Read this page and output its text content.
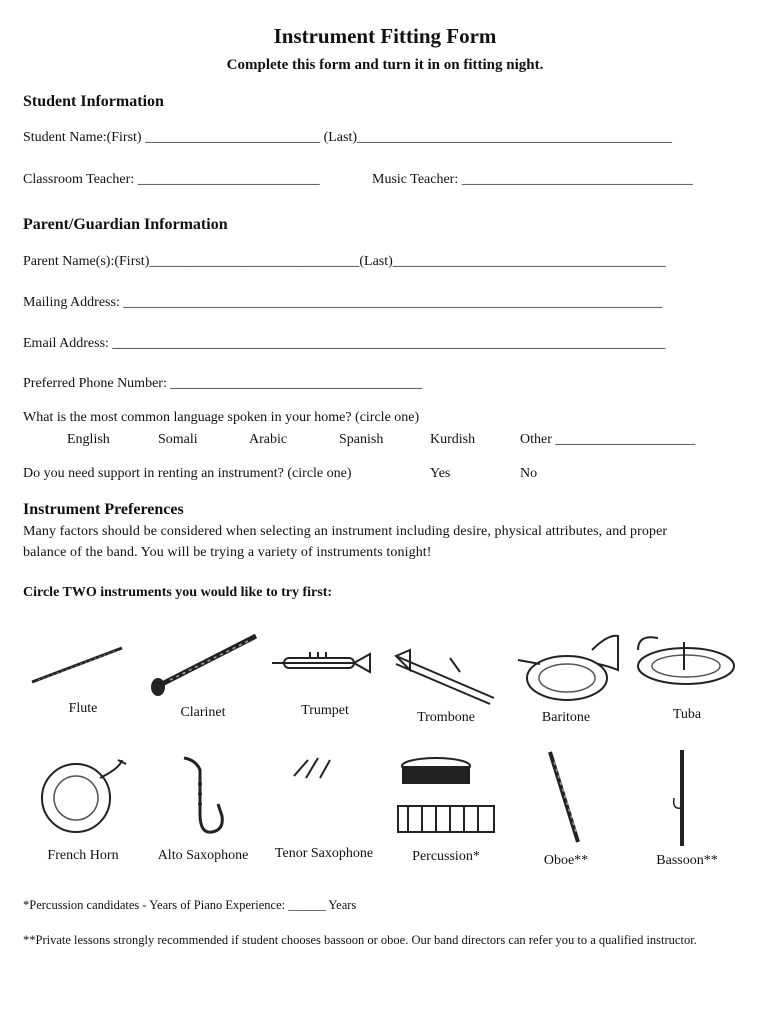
Instrument Fitting Form
Complete this form and turn it in on fitting night.
Student Information
Student Name:(First) _________________________ (Last)_____________________________________________
Classroom Teacher: __________________________	Music Teacher: _________________________________
Parent/Guardian Information
Parent Name(s):(First)______________________________(Last)_______________________________________
Mailing Address: _____________________________________________________________________________
Email Address: _______________________________________________________________________________
Preferred Phone Number: ____________________________________
What is the most common language spoken in your home? (circle one)
English	Somali	Arabic	Spanish	Kurdish	Other ____________________
Do you need support in renting an instrument? (circle one)	Yes	No
Instrument Preferences
Many factors should be considered when selecting an instrument including desire, physical attributes, and proper
balance of the band. You will be trying a variety of instruments tonight!
Circle TWO instruments you would like to try first:
Flute	Clarinet	Trumpet	Trombone	Baritone	Tuba
French Horn	Alto Saxophone	Tenor Saxophone	Percussion*	Oboe**	Bassoon**
*Percussion candidates - Years of Piano Experience: ______ Years
**Private lessons strongly recommended if student chooses bassoon or oboe. Our band directors can refer you to a qualified instructor.
